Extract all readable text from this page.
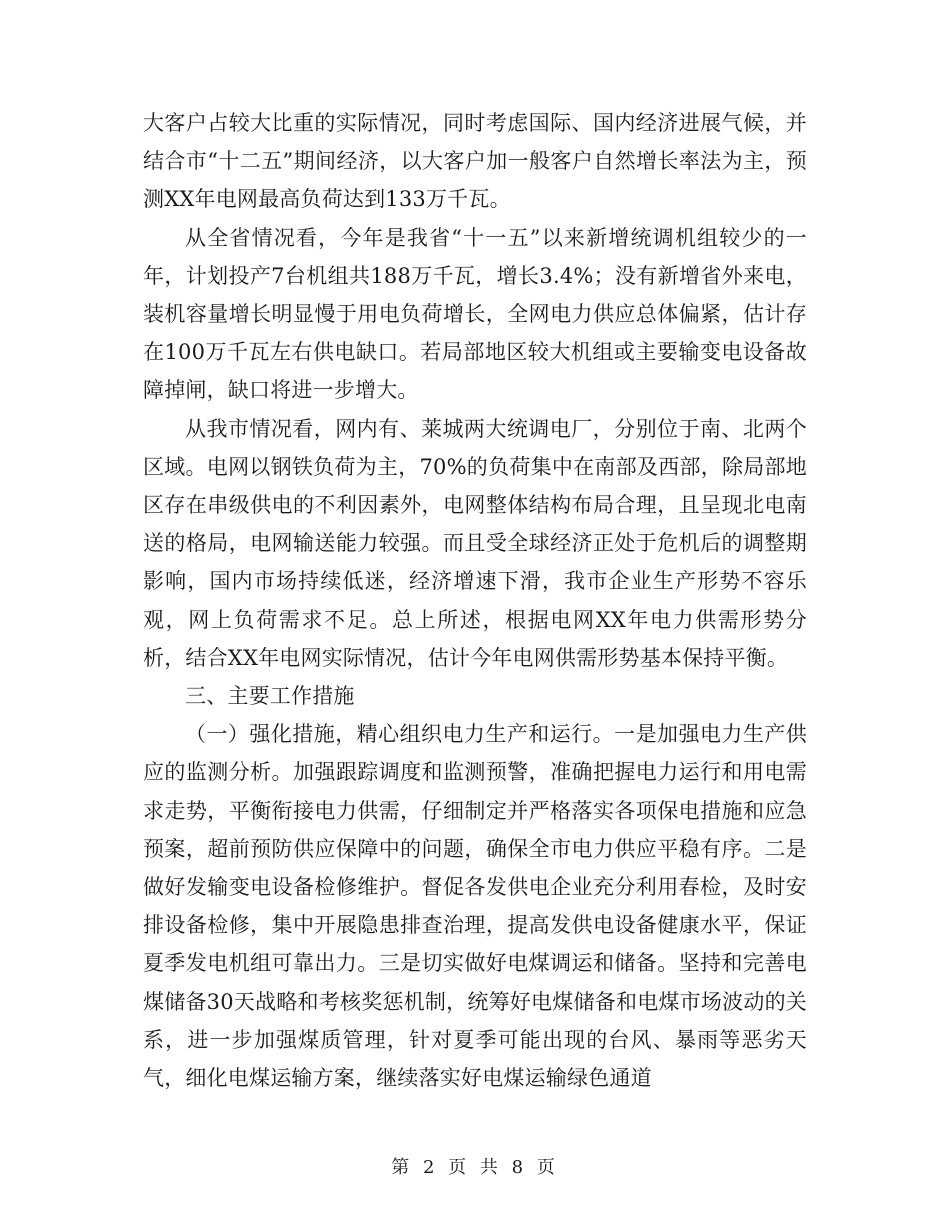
大客户占较大比重的实际情况，同时考虑国际、国内经济进展气候，并结合市“十二五”期间经济，以大客户加一般客户自然增长率法为主，预测XX年电网最高负荷达到133万千瓦。

从全省情况看，今年是我省“十一五”以来新增统调机组较少的一年，计划投产7台机组共188万千瓦，增长3.4%；没有新增省外来电，装机容量增长明显慢于用电负荷增长，全网电力供应总体偏紧，估计存在100万千瓦左右供电缺口。若局部地区较大机组或主要输变电设备故障掉闸，缺口将进一步增大。

从我市情况看，网内有、莱城两大统调电厂，分别位于南、北两个区域。电网以钢铁负荷为主，70%的负荷集中在南部及西部，除局部地区存在串级供电的不利因素外，电网整体结构布局合理，且呈现北电南送的格局，电网输送能力较强。而且受全球经济正处于危机后的调整期影响，国内市场持续低迷，经济增速下滑，我市企业生产形势不容乐观，网上负荷需求不足。总上所述，根据电网XX年电力供需形势分析，结合XX年电网实际情况，估计今年电网供需形势基本保持平衡。

三、主要工作措施

（一）强化措施，精心组织电力生产和运行。一是加强电力生产供应的监测分析。加强跟踪调度和监测预警，准确把握电力运行和用电需求走势，平衡衔接电力供需，仔细制定并严格落实各项保电措施和应急预案，超前预防供应保障中的问题，确保全市电力供应平稳有序。二是做好发输变电设备检修维护。督促各发供电企业充分利用春检，及时安排设备检修，集中开展隐患排查治理，提高发供电设备健康水平，保证夏季发电机组可靠出力。三是切实做好电煤调运和储备。坚持和完善电煤储备30天战略和考核奖惩机制，统筹好电煤储备和电煤市场波动的关系，进一步加强煤质管理，针对夏季可能出现的台风、暴雨等恶劣天气，细化电煤运输方案，继续落实好电煤运输绿色通道

第 2 页 共 8 页
